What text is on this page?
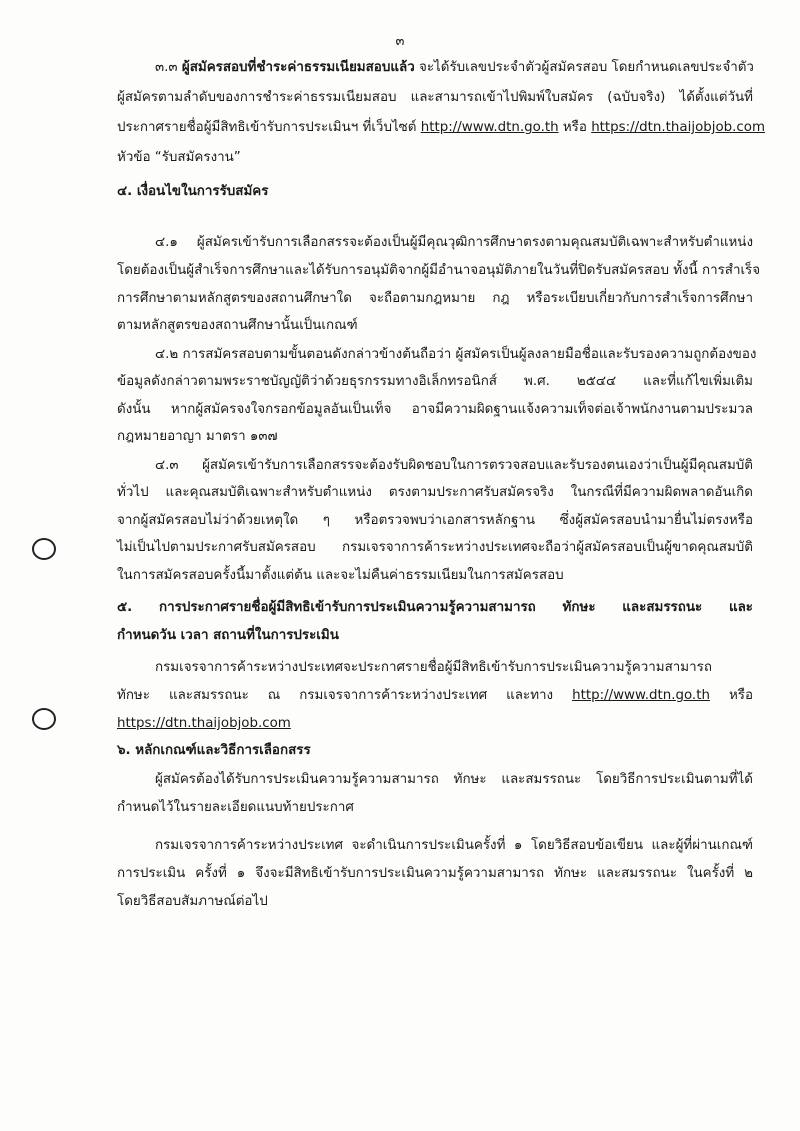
๓
๓.๓ ผู้สมัครสอบที่ชำระค่าธรรมเนียมสอบแล้ว จะได้รับเลขประจำตัวผู้สมัครสอบ โดยกำหนดเลขประจำตัว
ผู้สมัครตามลำดับของการชำระค่าธรรมเนียมสอบ และสามารถเข้าไปพิมพ์ใบสมัคร (ฉบับจริง) ได้ตั้งแต่วันที่
ประกาศรายชื่อผู้มีสิทธิเข้ารับการประเมินฯ ที่เว็บไซต์ http://www.dtn.go.th หรือ https://dtn.thaijobjob.com
หัวข้อ “รับสมัครงาน”
๔. เงื่อนไขในการรับสมัคร
๔.๑ ผู้สมัครเข้ารับการเลือกสรรจะต้องเป็นผู้มีคุณวุฒิการศึกษาตรงตามคุณสมบัติเฉพาะสำหรับตำแหน่ง
โดยต้องเป็นผู้สำเร็จการศึกษาและได้รับการอนุมัติจากผู้มีอำนาจอนุมัติภายในวันที่ปิดรับสมัครสอบ ทั้งนี้ การสำเร็จ
การศึกษาตามหลักสูตรของสถานศึกษาใด จะถือตามกฎหมาย กฎ หรือระเบียบเกี่ยวกับการสำเร็จการศึกษา
ตามหลักสูตรของสถานศึกษานั้นเป็นเกณฑ์
๔.๒ การสมัครสอบตามขั้นตอนดังกล่าวข้างต้นถือว่า ผู้สมัครเป็นผู้ลงลายมือชื่อและรับรองความถูกต้องของ
ข้อมูลดังกล่าวตามพระราชบัญญัติว่าด้วยธุรกรรมทางอิเล็กทรอนิกส์ พ.ศ. ๒๕๔๔ และที่แก้ไขเพิ่มเติม
ดังนั้น หากผู้สมัครจงใจกรอกข้อมูลอันเป็นเท็จ อาจมีความผิดฐานแจ้งความเท็จต่อเจ้าพนักงานตามประมวล
กฎหมายอาญา มาตรา ๑๓๗
๔.๓ ผู้สมัครเข้ารับการเลือกสรรจะต้องรับผิดชอบในการตรวจสอบและรับรองตนเองว่าเป็นผู้มีคุณสมบัติ
ทั่วไป และคุณสมบัติเฉพาะสำหรับตำแหน่ง ตรงตามประกาศรับสมัครจริง ในกรณีที่มีความผิดพลาดอันเกิด
จากผู้สมัครสอบไม่ว่าด้วยเหตุใด ๆ หรือตรวจพบว่าเอกสารหลักฐาน ซึ่งผู้สมัครสอบนำมายื่นไม่ตรงหรือ
ไม่เป็นไปตามประกาศรับสมัครสอบ กรมเจรจาการค้าระหว่างประเทศจะถือว่าผู้สมัครสอบเป็นผู้ขาดคุณสมบัติ
ในการสมัครสอบครั้งนี้มาตั้งแต่ต้น และจะไม่คืนค่าธรรมเนียมในการสมัครสอบ
๕. การประกาศรายชื่อผู้มีสิทธิเข้ารับการประเมินความรู้ความสามารถ ทักษะ และสมรรถนะ และ
กำหนดวัน เวลา สถานที่ในการประเมิน
กรมเจรจาการค้าระหว่างประเทศจะประกาศรายชื่อผู้มีสิทธิเข้ารับการประเมินความรู้ความสามารถ
ทักษะ และสมรรถนะ ณ กรมเจรจาการค้าระหว่างประเทศ และทาง http://www.dtn.go.th หรือ
https://dtn.thaijobjob.com
๖. หลักเกณฑ์และวิธีการเลือกสรร
ผู้สมัครต้องได้รับการประเมินความรู้ความสามารถ ทักษะ และสมรรถนะ โดยวิธีการประเมินตามที่ได้
กำหนดไว้ในรายละเอียดแนบท้ายประกาศ
กรมเจรจาการค้าระหว่างประเทศ จะดำเนินการประเมินครั้งที่ ๑ โดยวิธีสอบข้อเขียน และผู้ที่ผ่านเกณฑ์
การประเมิน ครั้งที่ ๑ จึงจะมีสิทธิเข้ารับการประเมินความรู้ความสามารถ ทักษะ และสมรรถนะ ในครั้งที่ ๒
โดยวิธีสอบสัมภาษณ์ต่อไป
